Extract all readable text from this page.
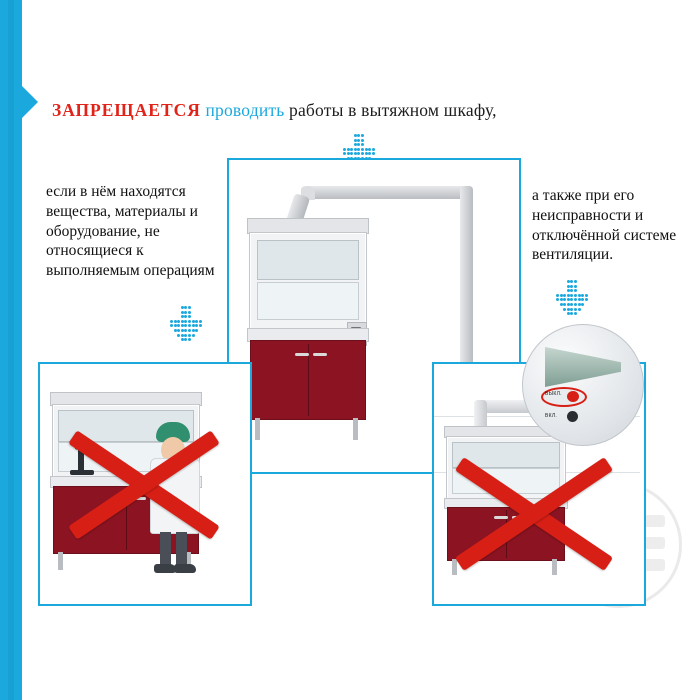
ЗАПРЕЩАЕТСЯ проводить работы в вытяжном шкафу,
если в нём находятся вещества, материалы и оборудование, не относящиеся к выполняемым операциям
а также при его неисправности и отключённой системе вентиляции.
ВЫКЛ.
ВКЛ.
